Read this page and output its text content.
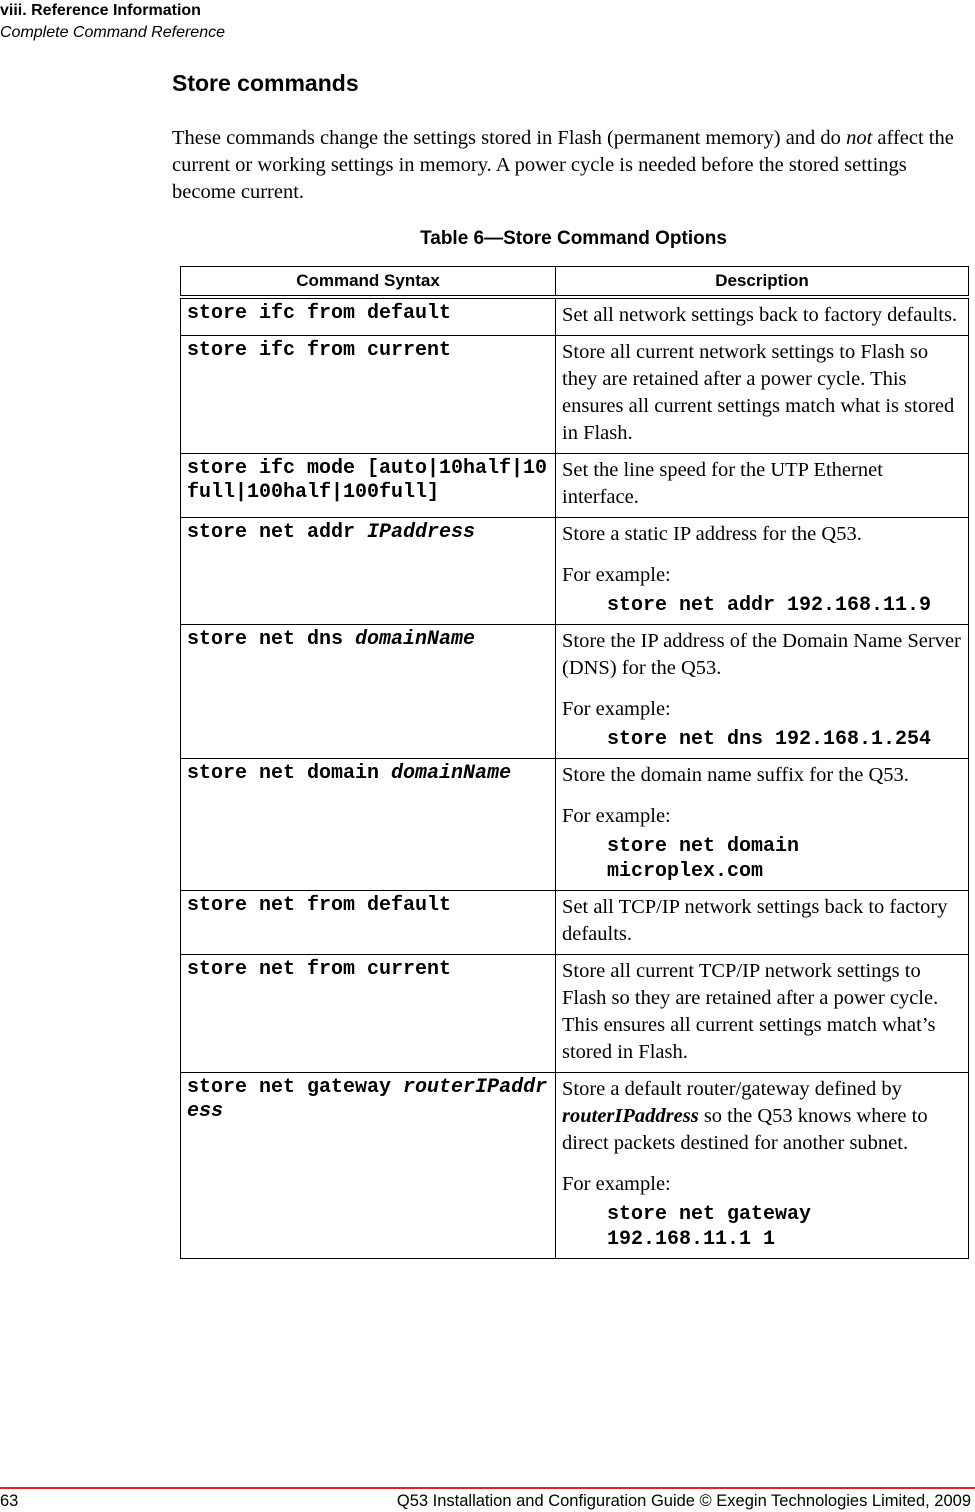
viii. Reference Information
Complete Command Reference
Store commands

These commands change the settings stored in Flash (permanent memory) and do not affect the current or working settings in memory. A power cycle is needed before the stored settings become current.

Table 6—Store Command Options

Command Syntax	Description
store ifc from default	Set all network settings back to factory defaults.

store ifc from current	Store all current network settings to Flash so they are retained after a power cycle. This ensures all current settings match what is stored in Flash.

store ifc mode [auto|10half|10full|100half|100full]	Set the line speed for the UTP Ethernet interface.

store net addr IPaddress	Store a static IP address for the Q53.

For example:

store net addr 192.168.11.9

store net dns domainName	Store the IP address of the Domain Name Server (DNS) for the Q53.

For example:

store net dns 192.168.1.254

store net domain domainName	Store the domain name suffix for the Q53.

For example:

store net domain
microplex.com

store net from default	Set all TCP/IP network settings back to factory defaults.

store net from current	Store all current TCP/IP network settings to Flash so they are retained after a power cycle. This ensures all current settings match what’s stored in Flash.

store net gateway routerIPaddress	Store a default router/gateway defined by routerIPaddress so the Q53 knows where to direct packets destined for another subnet.

For example:

store net gateway
192.168.11.1 1
63	Q53 Installation and Configuration Guide © Exegin Technologies Limited, 2009
